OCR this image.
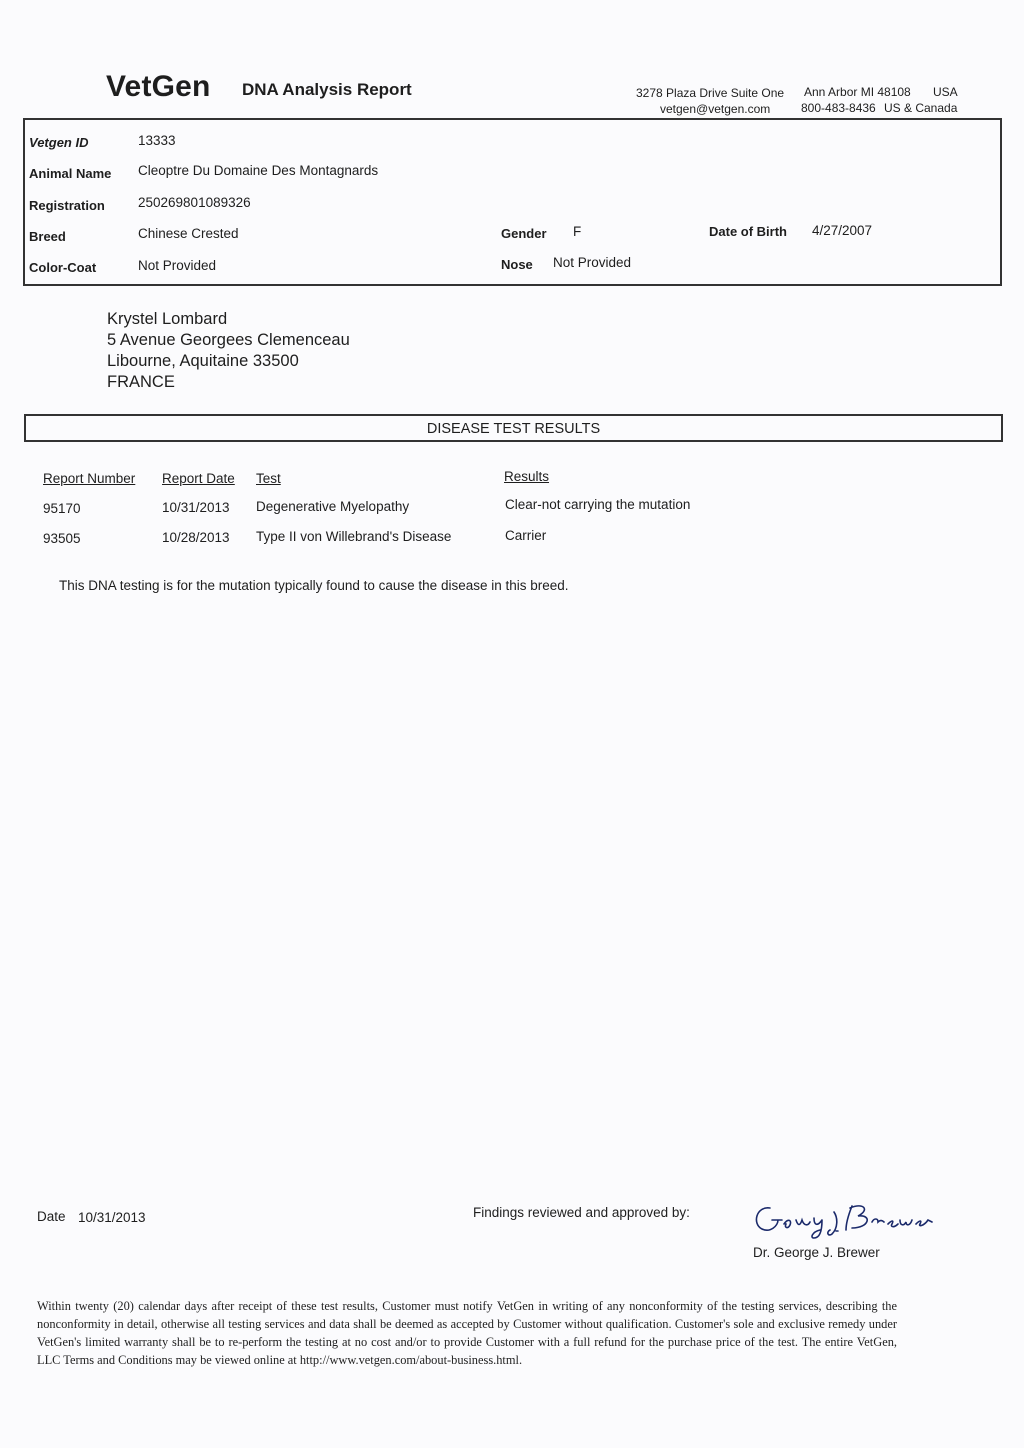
VetGen DNA Analysis Report	3278 Plaza Drive Suite One Ann Arbor MI 48108 USA
vetgen@vetgen.com	800-483-8436 US & Canada
Vetgen ID	13333
Animal Name Cleoptre Du Domaine Des Montagnards
Registration 250269801089326
Breed	Chinese Crested	Gender F	Date of Birth 4/27/2007
Color-Coat	Not Provided	Nose Not Provided
Krystel Lombard
5 Avenue Georgees Clemenceau
Libourne, Aquitaine 33500
FRANCE
DISEASE TEST RESULTS
Report Number Report Date Test	Results
95170	10/31/2013 Degenerative Myelopathy	Clear-not carrying the mutation
93505	10/28/2013 Type II von Willebrand's Disease	Carrier
This DNA testing is for the mutation typically found to cause the disease in this breed.
Date 10/31/2013	Findings reviewed and approved by:
Dr. George J. Brewer
Within twenty (20) calendar days after receipt of these test results, Customer must notify VetGen in writing of any nonconformity of the testing services, describing the nonconformity in detail, otherwise all testing services and data shall be deemed as accepted by Customer without qualification. Customer's sole and exclusive remedy under VetGen's limited warranty shall be to re-perform the testing at no cost and/or to provide Customer with a full refund for the purchase price of the test. The entire VetGen, LLC Terms and Conditions may be viewed online at http://www.vetgen.com/about-business.html.
